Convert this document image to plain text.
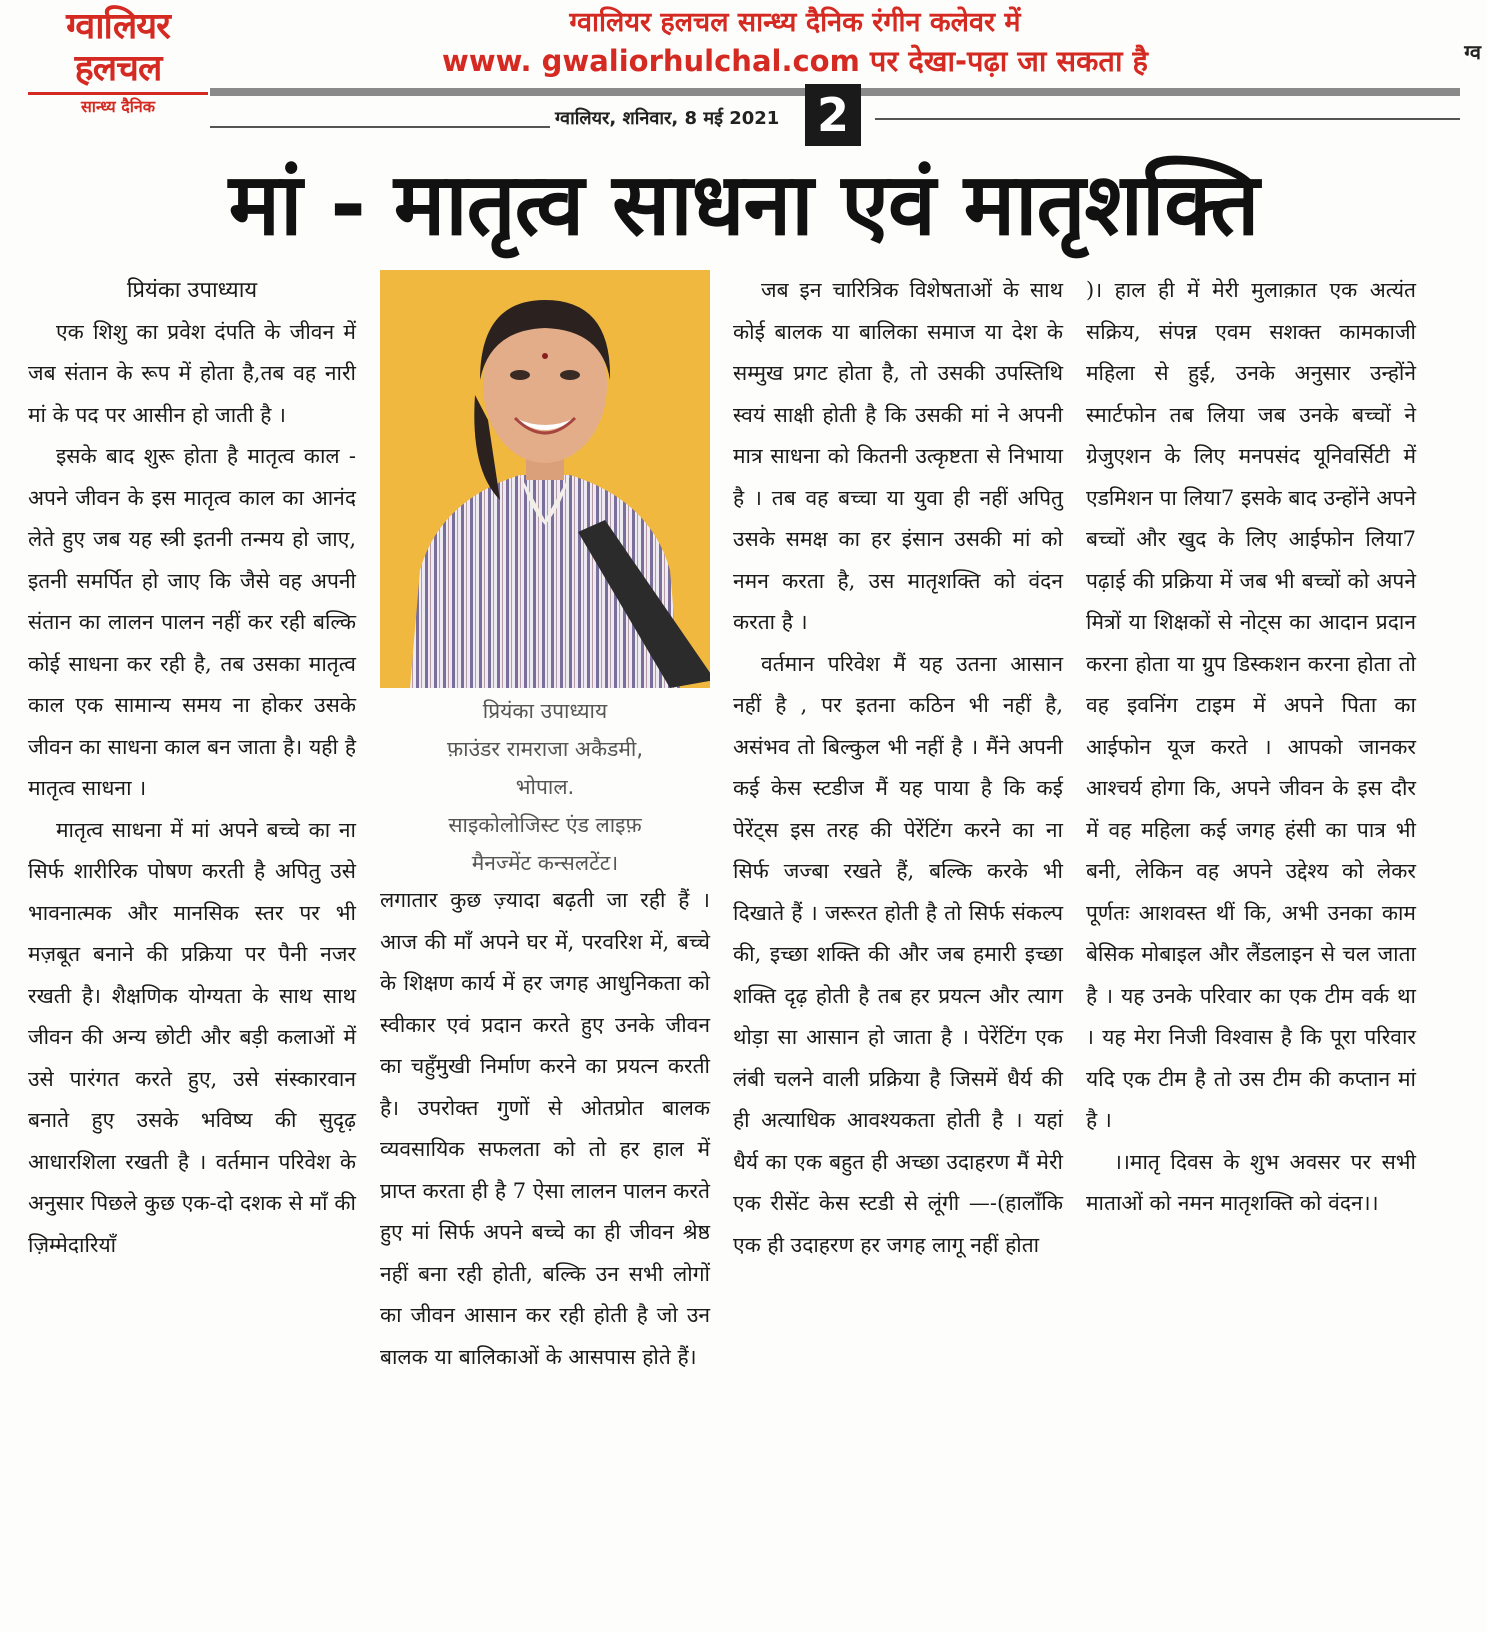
ग्वालियर
हलचल
सान्ध्य दैनिक
ग्वालियर हलचल सान्ध्य दैनिक रंगीन कलेवर में
www. gwaliorhulchal.com पर देखा-पढ़ा जा सकता है	ग्व
ग्वालियर, शनिवार, 8 मई 2021 2
मां - मातृत्व साधना एवं मातृशक्ति

प्रियंका उपाध्याय

एक शिशु का प्रवेश दंपति के जीवन में जब संतान के रूप में होता है,तब वह नारी मां के पद पर आसीन हो जाती है ।

इसके बाद शुरू होता है मातृत्व काल - अपने जीवन के इस मातृत्व काल का आनंद लेते हुए जब यह स्त्री इतनी तन्मय हो जाए, इतनी समर्पित हो जाए कि जैसे वह अपनी संतान का लालन पालन नहीं कर रही बल्कि कोई साधना कर रही है, तब उसका मातृत्व काल एक सामान्य समय ना होकर उसके जीवन का साधना काल बन जाता है। यही है मातृत्व साधना ।

मातृत्व साधना में मां अपने बच्चे का ना सिर्फ शारीरिक पोषण करती है अपितु उसे भावनात्मक और मानसिक स्तर पर भी मज़बूत बनाने की प्रक्रिया पर पैनी नजर रखती है। शैक्षणिक योग्यता के साथ साथ जीवन की अन्य छोटी और बड़ी कलाओं में उसे पारंगत करते हुए, उसे संस्कारवान बनाते हुए उसके भविष्य की सुदृढ़ आधारशिला रखती है । वर्तमान परिवेश के अनुसार पिछले कुछ एक-दो दशक से माँ की ज़िम्मेदारियाँ

प्रियंका उपाध्याय
फ़ाउंडर रामराजा अकैडमी,
भोपाल.
साइकोलोजिस्ट एंड लाइफ़
मैनज्मेंट कन्सलटेंट।

लगातार कुछ ज़्यादा बढ़ती जा रही हैं । आज की माँ अपने घर में, परवरिश में, बच्चे के शिक्षण कार्य में हर जगह आधुनिकता को स्वीकार एवं प्रदान करते हुए उनके जीवन का चहुँमुखी निर्माण करने का प्रयत्न करती है। उपरोक्त गुणों से ओतप्रोत बालक व्यवसायिक सफलता को तो हर हाल में प्राप्त करता ही है 7 ऐसा लालन पालन करते हुए मां सिर्फ अपने बच्चे का ही जीवन श्रेष्ठ नहीं बना रही होती, बल्कि उन सभी लोगों का जीवन आसान कर रही होती है जो उन बालक या बालिकाओं के आसपास होते हैं।

जब इन चारित्रिक विशेषताओं के साथ कोई बालक या बालिका समाज या देश के सम्मुख प्रगट होता है, तो उसकी उपस्तिथि स्वयं साक्षी होती है कि उसकी मां ने अपनी मात्र साधना को कितनी उत्कृष्टता से निभाया है । तब वह बच्चा या युवा ही नहीं अपितु उसके समक्ष का हर इंसान उसकी मां को नमन करता है, उस मातृशक्ति को वंदन करता है ।

वर्तमान परिवेश मैं यह उतना आसान नहीं है , पर इतना कठिन भी नहीं है, असंभव तो बिल्कुल भी नहीं है । मैंने अपनी कई केस स्टडीज मैं यह पाया है कि कई पेरेंट्स इस तरह की पेरेंटिंग करने का ना सिर्फ जज्बा रखते हैं, बल्कि करके भी दिखाते हैं । जरूरत होती है तो सिर्फ संकल्प की, इच्छा शक्ति की और जब हमारी इच्छा शक्ति दृढ़ होती है तब हर प्रयत्न और त्याग थोड़ा सा आसान हो जाता है । पेरेंटिंग एक लंबी चलने वाली प्रक्रिया है जिसमें धैर्य की ही अत्याधिक आवश्यकता होती है । यहां धैर्य का एक बहुत ही अच्छा उदाहरण मैं मेरी एक रीसेंट केस स्टडी से लूंगी —-(हालाँकि एक ही उदाहरण हर जगह लागू नहीं होता

)। हाल ही में मेरी मुलाक़ात एक अत्यंत सक्रिय, संपन्न एवम सशक्त कामकाजी महिला से हुई, उनके अनुसार उन्होंने स्मार्टफोन तब लिया जब उनके बच्चों ने ग्रेजुएशन के लिए मनपसंद यूनिवर्सिटी में एडमिशन पा लिया7 इसके बाद उन्होंने अपने बच्चों और खुद के लिए आईफोन लिया7 पढ़ाई की प्रक्रिया में जब भी बच्चों को अपने मित्रों या शिक्षकों से नोट्स का आदान प्रदान करना होता या ग्रुप डिस्कशन करना होता तो वह इवनिंग टाइम में अपने पिता का आईफोन यूज करते । आपको जानकर आश्चर्य होगा कि, अपने जीवन के इस दौर में वह महिला कई जगह हंसी का पात्र भी बनी, लेकिन वह अपने उद्देश्य को लेकर पूर्णतः आशवस्त थीं कि, अभी उनका काम बेसिक मोबाइल और लैंडलाइन से चल जाता है । यह उनके परिवार का एक टीम वर्क था । यह मेरा निजी विश्वास है कि पूरा परिवार यदि एक टीम है तो उस टीम की कप्तान मां है ।

।।मातृ दिवस के शुभ अवसर पर सभी माताओं को नमन मातृशक्ति को वंदन।।
